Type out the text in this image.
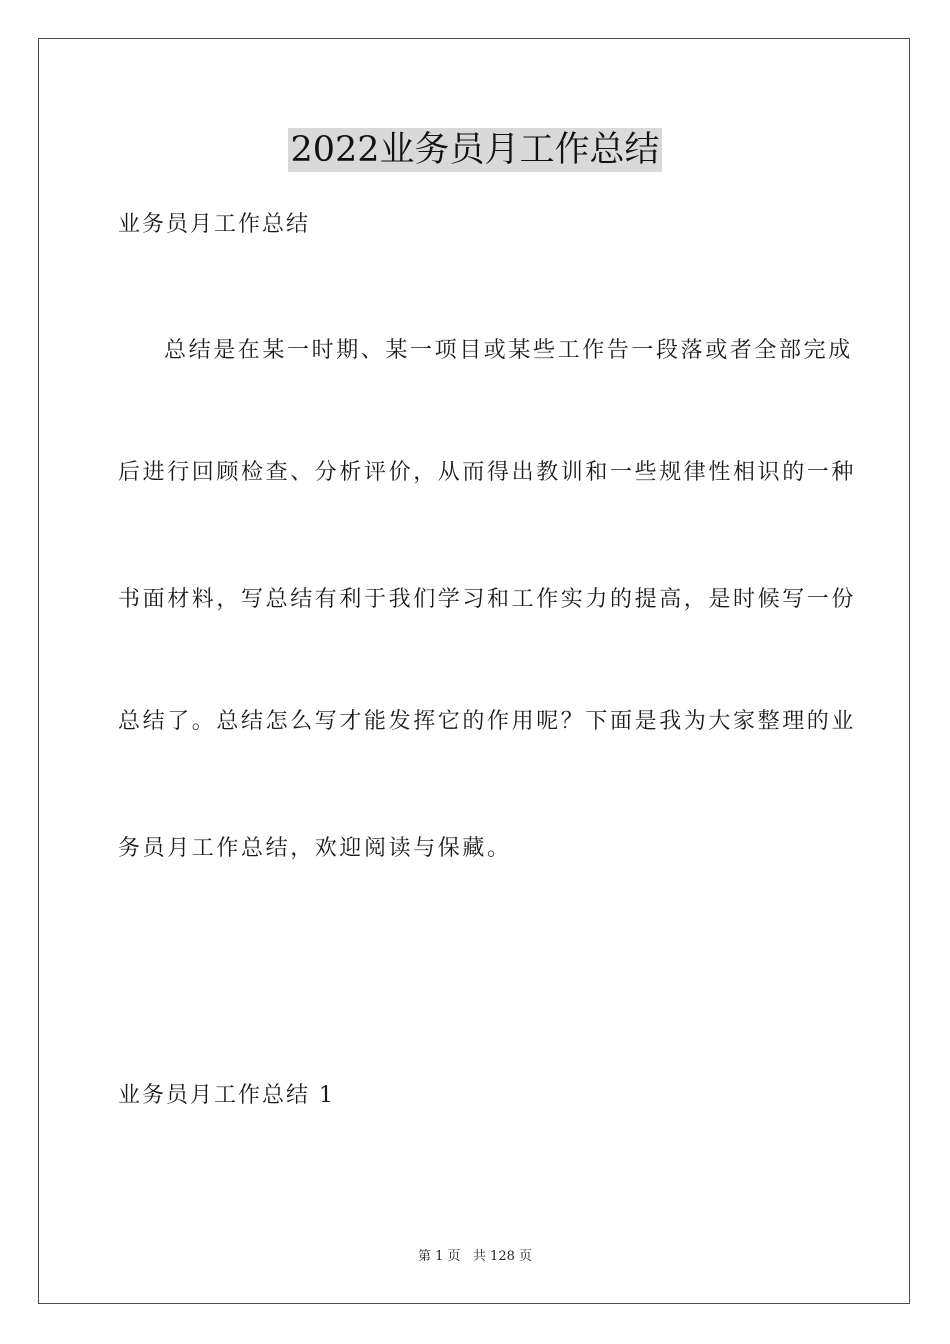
2022业务员月工作总结
业务员月工作总结
总结是在某一时期、某一项目或某些工作告一段落或者全部完成
后进行回顾检查、分析评价，从而得出教训和一些规律性相识的一种
书面材料，写总结有利于我们学习和工作实力的提高，是时候写一份
总结了。总结怎么写才能发挥它的作用呢？下面是我为大家整理的业
务员月工作总结，欢迎阅读与保藏。
业务员月工作总结 1
第 1 页   共 128 页
